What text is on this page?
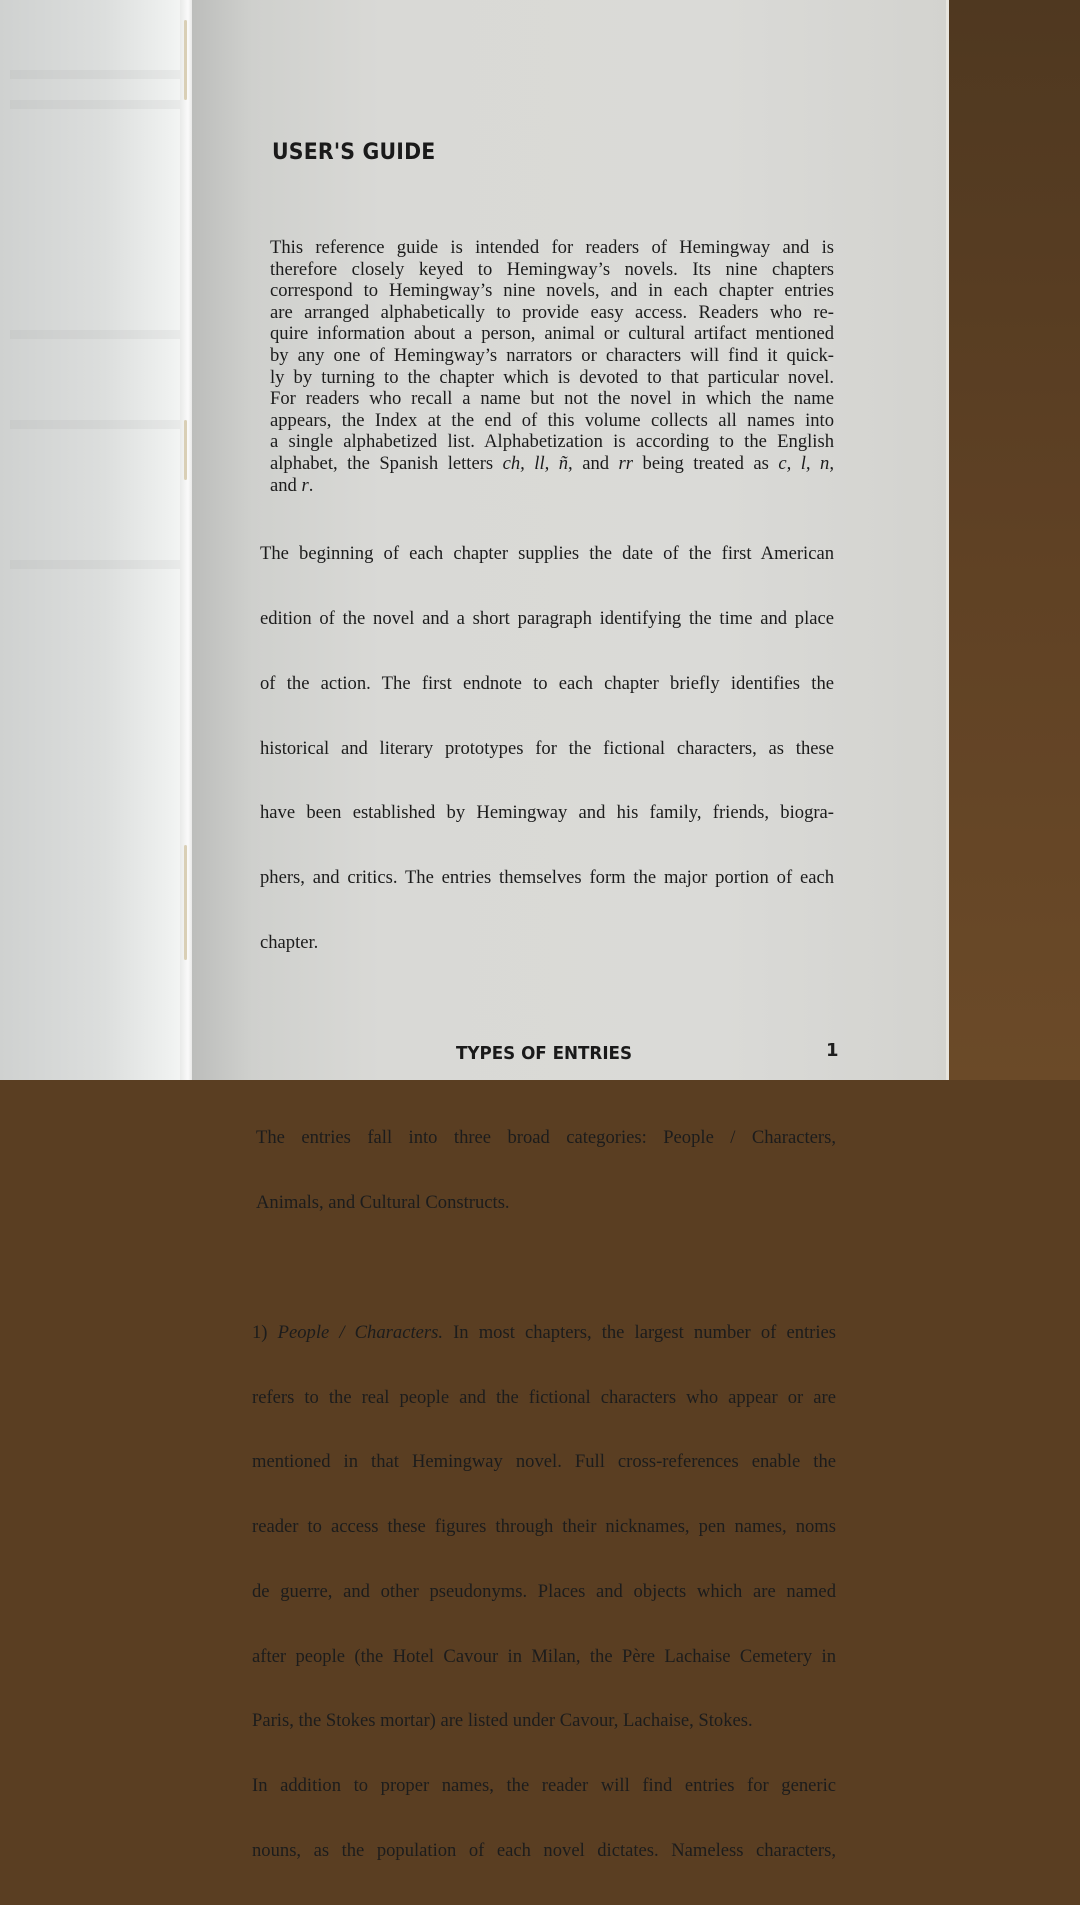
USER'S GUIDE

This reference guide is intended for readers of Hemingway and is
therefore closely keyed to Hemingway’s novels. Its nine chapters
correspond to Hemingway’s nine novels, and in each chapter entries
are arranged alphabetically to provide easy access. Readers who re-
quire information about a person, animal or cultural artifact mentioned
by any one of Hemingway’s narrators or characters will find it quick-
ly by turning to the chapter which is devoted to that particular novel.
For readers who recall a name but not the novel in which the name
appears, the Index at the end of this volume collects all names into
a single alphabetized list. Alphabetization is according to the English
alphabet, the Spanish letters ch, ll, ñ, and rr being treated as c, l, n,
and r.

The beginning of each chapter supplies the date of the first American

edition of the novel and a short paragraph identifying the time and place

of the action. The first endnote to each chapter briefly identifies the

historical and literary prototypes for the fictional characters, as these

have been established by Hemingway and his family, friends, biogra-

phers, and critics. The entries themselves form the major portion of each

chapter.

TYPES OF ENTRIES

The entries fall into three broad categories: People / Characters,

Animals, and Cultural Constructs.

1) People / Characters. In most chapters, the largest number of entries

refers to the real people and the fictional characters who appear or are

mentioned in that Hemingway novel. Full cross-references enable the

reader to access these figures through their nicknames, pen names, noms

de guerre, and other pseudonyms. Places and objects which are named

after people (the Hotel Cavour in Milan, the Père Lachaise Cemetery in

Paris, the Stokes mortar) are listed under Cavour, Lachaise, Stokes.

In addition to proper names, the reader will find entries for generic

nouns, as the population of each novel dictates. Nameless characters,

1
